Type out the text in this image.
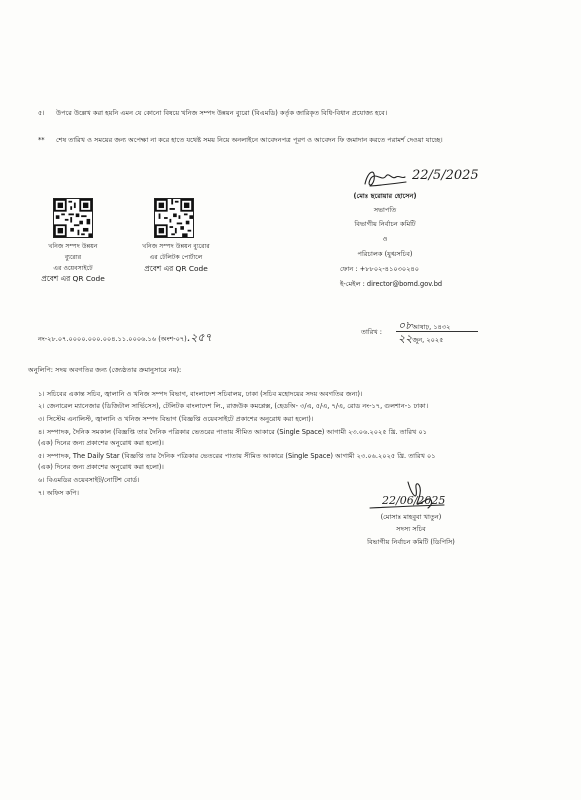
৫। উপরে উল্লেখ করা হয়নি এমন যে কোনো বিষয়ে খনিজ সম্পদ উন্নয়ন ব্যুরো (বিএমডি) কর্তৃক জারিকৃত বিধি-বিধান প্রযোজ্য হবে।
** শেষ তারিখ ও সময়ের জন্য অপেক্ষা না করে হাতে যথেষ্ট সময় নিয়ে অনলাইনে আবেদনপত্র পূরণ ও আবেদন ফি জমাদান করতে পরামর্শ দেওয়া যাচ্ছে।
খনিজ সম্পদ উন্নয়ন
ব্যুরোর
এর ওয়েবসাইটে
প্রবেশ এর QR Code
খনিজ সম্পদ উন্নয়ন ব্যুরোর
এর টেলিটক পোর্টালে
প্রবেশ এর QR Code
22/5/2025
(মোঃ ছরোয়ার হোসেন)
সভাপতি
বিভাগীয় নির্বাচন কমিটি
ও
পরিচালক (যুগ্মসচিব)
ফোন : +৮৮০২-৪১০৩০২৪০
ই-মেইল : director@bomd.gov.bd
নং-২৮.০৭.০০০০.০০০.০০৪.১১.০০০৬.১৬ (অংশ-০৭).২৫৭	তারিখ : ০৮আষাঢ়, ১৪৩২
২২জুন, ২০২৫
অনুলিপি: সদয় অবগতির জন্য (জ্যেষ্ঠতার ক্রমানুসারে নয়):
১। সচিবের একান্ত সচিব, জ্বালানি ও খনিজ সম্পদ বিভাগ, বাংলাদেশ সচিবালয়, ঢাকা (সচিব মহোদয়ের সদয় অবগতির জন্য)।
২। জেনারেল ম্যানেজার (ডিজিটাল সার্ভিসেস), টেলিটক বাংলাদেশ লি., রাজউক কমপ্লেক্স, (হেডঅি- ৩/এ, ৫/এ, ৭/এ, রোড নং-১৭, গুলশান-১ ঢাকা।
৩। সিস্টেম এনালিস্ট, জ্বালানি ও খনিজ সম্পদ বিভাগ (বিজ্ঞপ্তি ওয়েবসাইটে প্রকাশের অনুরোধ করা হলো)।
৪। সম্পাদক, দৈনিক সমকাল (বিজ্ঞপ্তি তার দৈনিক পত্রিকার ভেতরের পাতায় সীমিত আকারে (Single Space) আগামী ২৩.০৬.২০২৫ খ্রি. তারিখ ০১
(এক) দিনের জন্য প্রকাশের অনুরোধ করা হলো)।
৫। সম্পাদক, The Daily Star (বিজ্ঞপ্তি তার দৈনিক পত্রিকার ভেতরের পাতায় সীমিত আকারে (Single Space) আগামী ২৩.০৬.২০২৫ খ্রি. তারিখ ০১
(এক) দিনের জন্য প্রকাশের অনুরোধ করা হলো)।
৬। বিএমডির ওয়েবসাইট/নোটিশ বোর্ড।
৭। অফিস কপি।
22/06/2025
(মোসাঃ মাহবুবা খাতুন)
সদস্য সচিব
বিভাগীয় নির্বাচন কমিটি (ডিপিসি)
